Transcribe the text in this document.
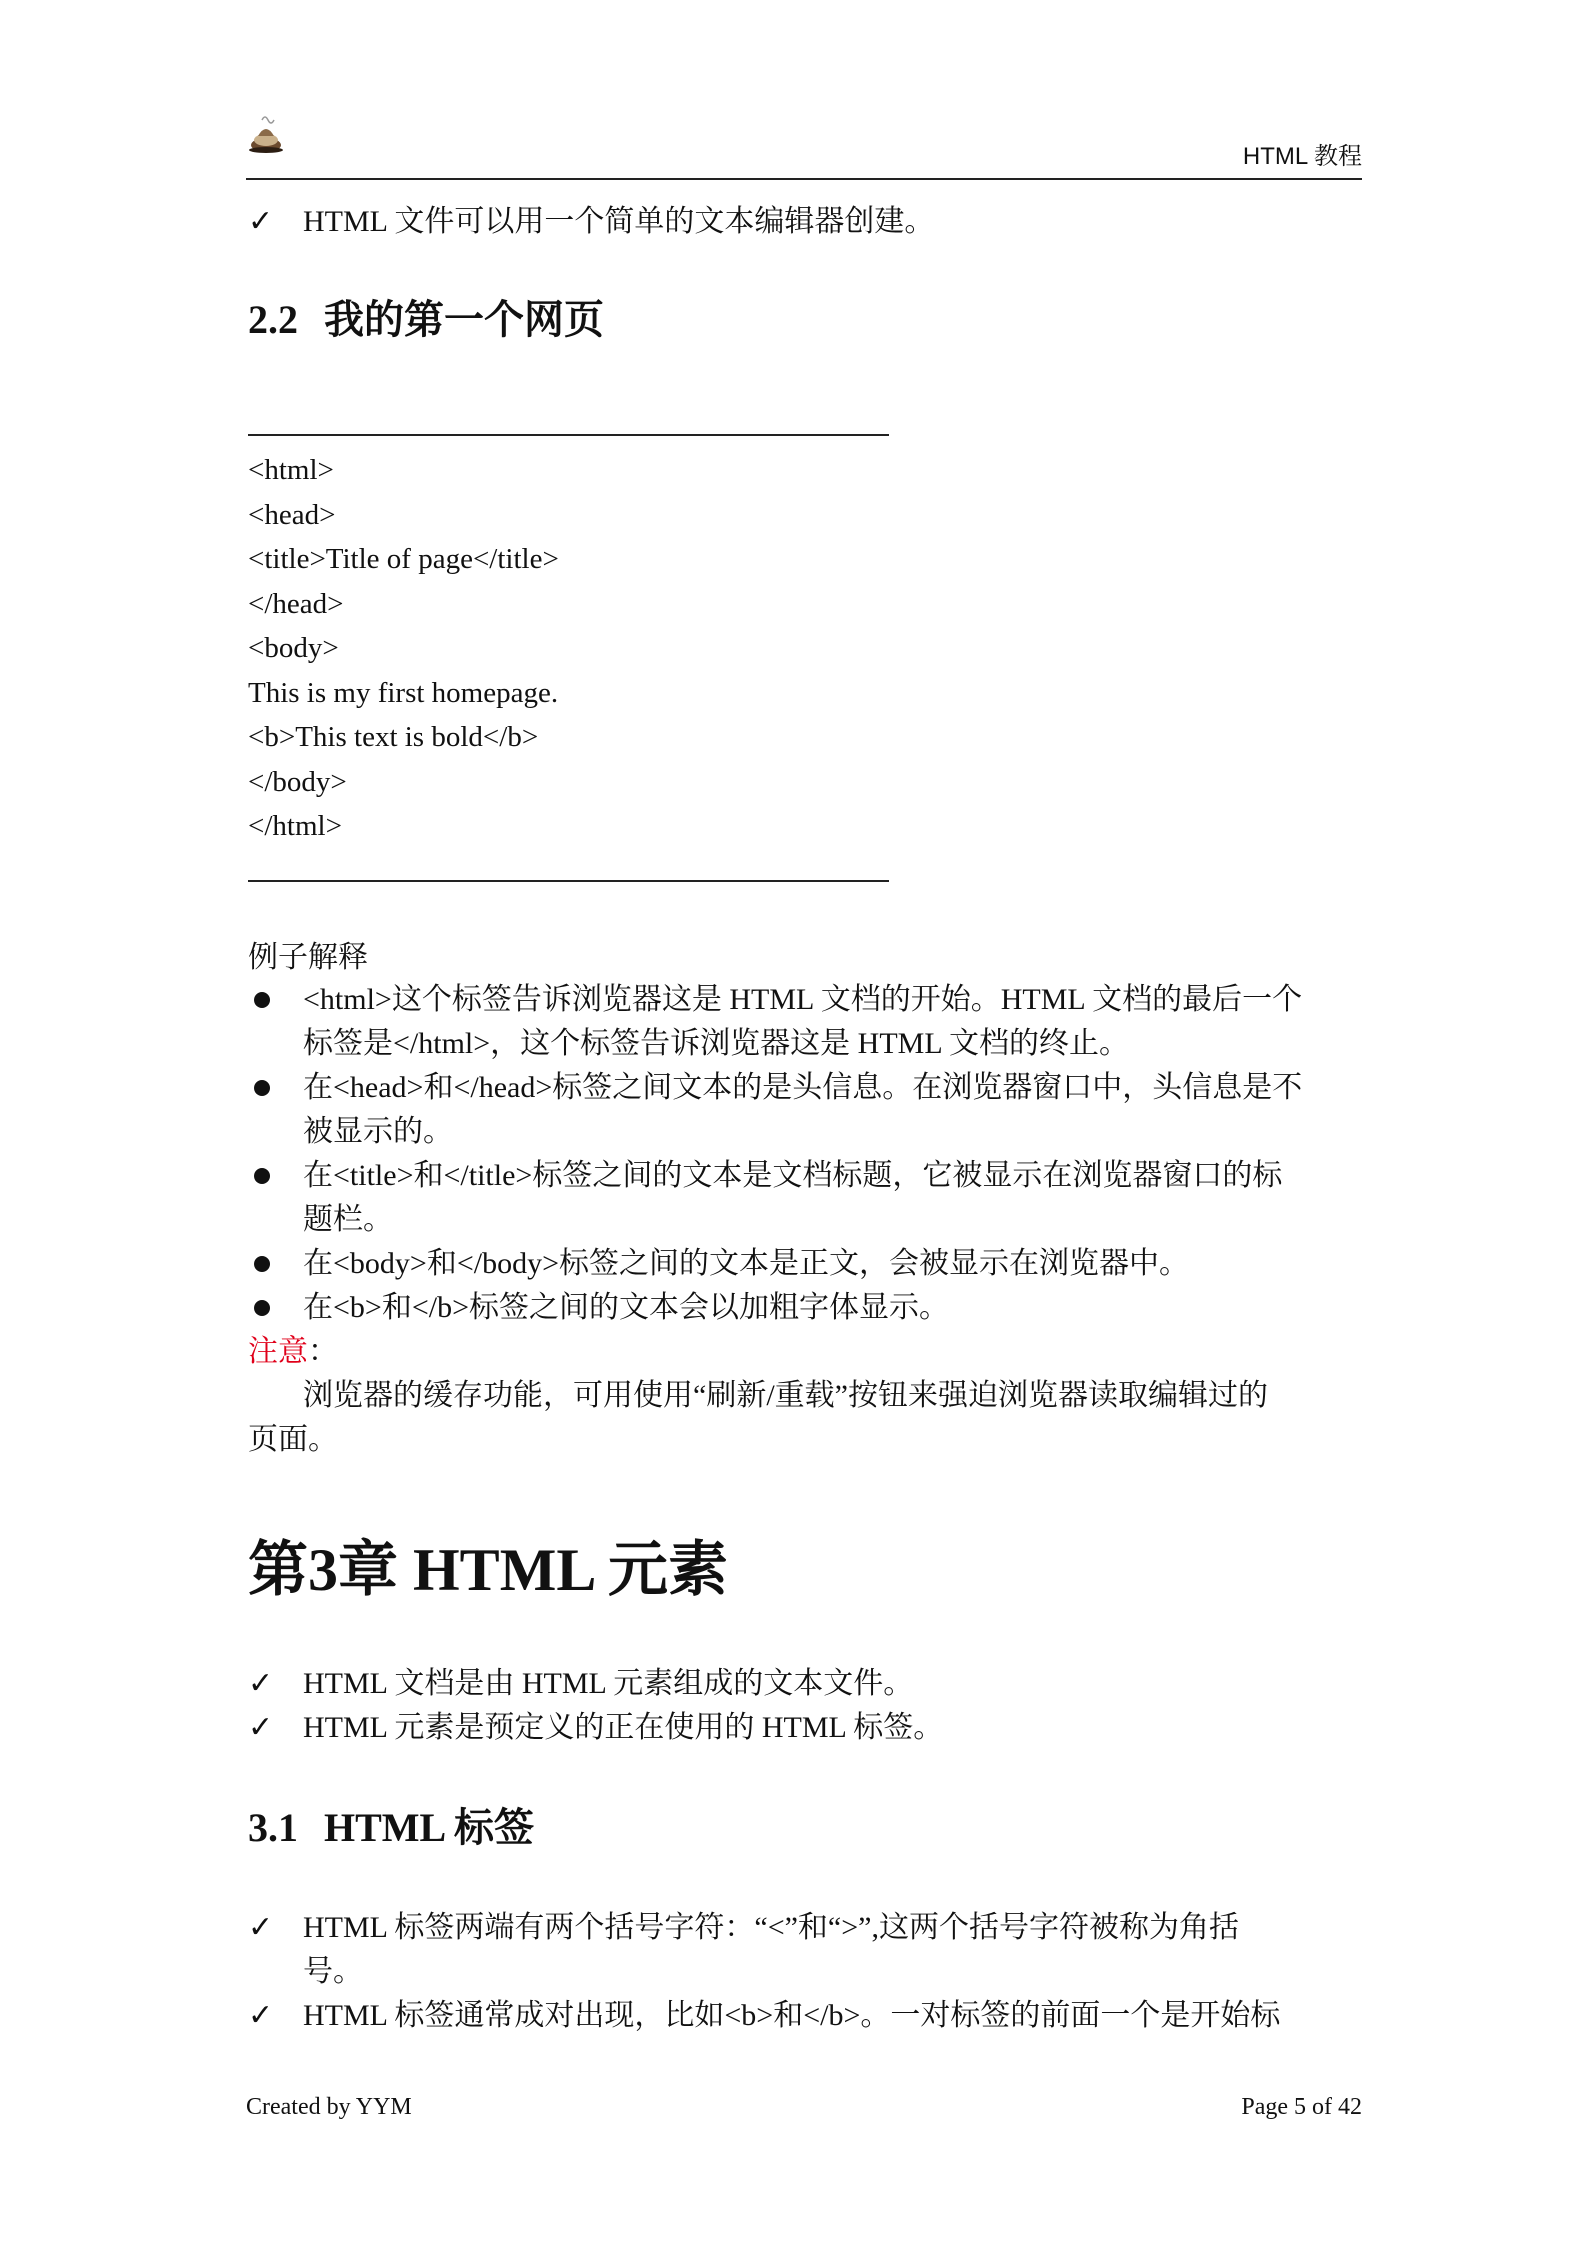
HTML 教程
✓ HTML 文件可以用一个简单的文本编辑器创建。
2.2 我的第一个网页
<html>
<head>
<title>Title of page</title>
</head>
<body>
This is my first homepage.
<b>This text is bold</b>
</body>
</html>
例子解释
<html>这个标签告诉浏览器这是 HTML 文档的开始。HTML 文档的最后一个
标签是</html>，这个标签告诉浏览器这是 HTML 文档的终止。
在<head>和</head>标签之间文本的是头信息。在浏览器窗口中，头信息是不
被显示的。
在<title>和</title>标签之间的文本是文档标题，它被显示在浏览器窗口的标
题栏。
在<body>和</body>标签之间的文本是正文，会被显示在浏览器中。
在<b>和</b>标签之间的文本会以加粗字体显示。
注意：
浏览器的缓存功能，可用使用“刷新/重载”按钮来强迫浏览器读取编辑过的
页面。
第3章 HTML 元素
✓ HTML 文档是由 HTML 元素组成的文本文件。
✓ HTML 元素是预定义的正在使用的 HTML 标签。
3.1 HTML 标签
✓ HTML 标签两端有两个括号字符：“<”和“>”,这两个括号字符被称为角括
号。
✓ HTML 标签通常成对出现，比如<b>和</b>。一对标签的前面一个是开始标
Created by YYM	Page 5 of 42
